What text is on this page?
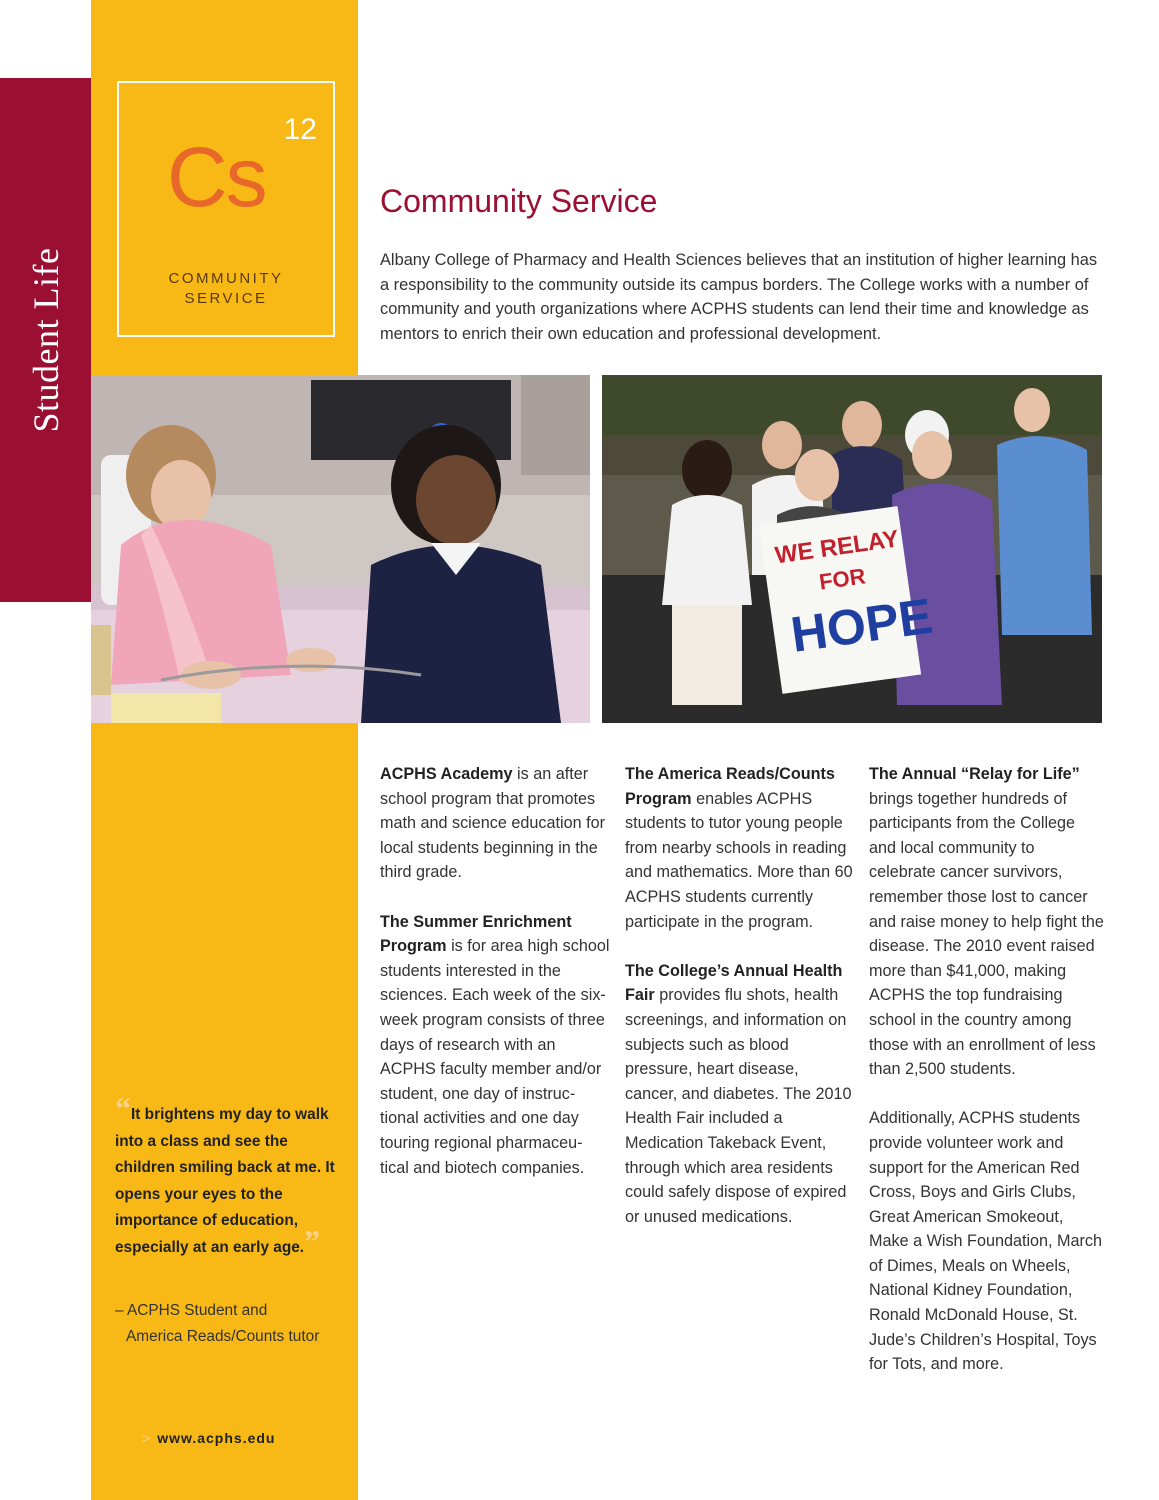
Student Life
12
Cs
COMMUNITY
SERVICE
Community Service

Albany College of Pharmacy and Health Sciences believes that an institution of higher learning has a responsibility to the community outside its campus borders. The College works with a number of community and youth organizations where ACPHS students can lend their time and knowledge as mentors to enrich their own education and professional development.

WE RELAY
FOR
HOPE

ACPHS Academy is an after school program that promotes math and science education for local students beginning in the third grade.

The Summer Enrichment Program is for area high school students interested in the sciences. Each week of the six-week program consists of three days of research with an ACPHS faculty member and/or student, one day of instruc-tional activities and one day touring regional pharmaceu-tical and biotech companies.

The America Reads/Counts Program enables ACPHS students to tutor young people from nearby schools in reading and mathematics. More than 60 ACPHS students currently participate in the program.

The College’s Annual Health Fair provides flu shots, health screenings, and information on subjects such as blood pressure, heart disease, cancer, and diabetes. The 2010 Health Fair included a Medication Takeback Event, through which area residents could safely dispose of expired or unused medications.

The Annual “Relay for Life” brings together hundreds of participants from the College and local community to celebrate cancer survivors, remember those lost to cancer and raise money to help fight the disease. The 2010 event raised more than $41,000, making ACPHS the top fundraising school in the country among those with an enrollment of less than 2,500 students.

Additionally, ACPHS students provide volunteer work and support for the American Red Cross, Boys and Girls Clubs, Great American Smokeout, Make a Wish Foundation, March of Dimes, Meals on Wheels, National Kidney Foundation, Ronald McDonald House, St. Jude’s Children’s Hospital, Toys for Tots, and more.

“It brightens my day to walk into a class and see the children smiling back at me. It opens your eyes to the importance of education, especially at an early age.”

– ACPHS Student and
America Reads/Counts tutor
> www.acphs.edu
